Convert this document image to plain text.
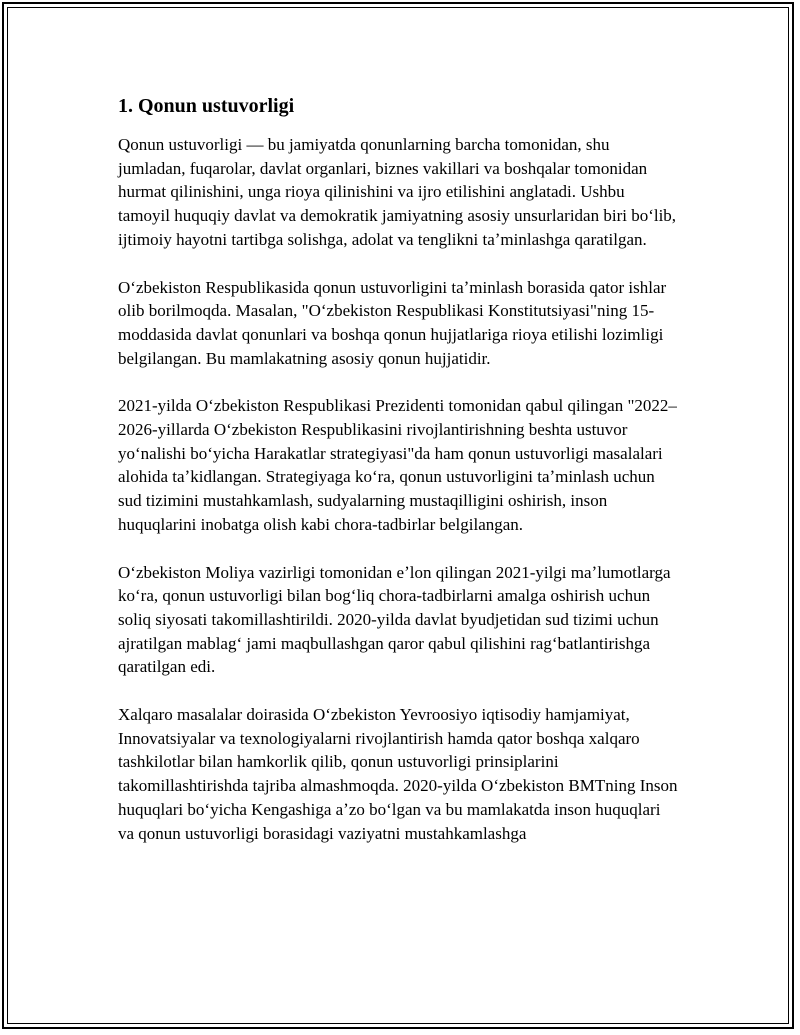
1. Qonun ustuvorligi

Qonun ustuvorligi — bu jamiyatda qonunlarning barcha tomonidan, shu jumladan, fuqarolar, davlat organlari, biznes vakillari va boshqalar tomonidan hurmat qilinishini, unga rioya qilinishini va ijro etilishini anglatadi. Ushbu tamoyil huquqiy davlat va demokratik jamiyatning asosiy unsurlaridan biri boʻlib, ijtimoiy hayotni tartibga solishga, adolat va tenglikni taʼminlashga qaratilgan.

Oʻzbekiston Respublikasida qonun ustuvorligini taʼminlash borasida qator ishlar olib borilmoqda. Masalan, "Oʻzbekiston Respublikasi Konstitutsiyasi"ning 15-moddasida davlat qonunlari va boshqa qonun hujjatlariga rioya etilishi lozimligi belgilangan. Bu mamlakatning asosiy qonun hujjatidir.

2021-yilda Oʻzbekiston Respublikasi Prezidenti tomonidan qabul qilingan "2022–2026-yillarda Oʻzbekiston Respublikasini rivojlantirishning beshta ustuvor yoʻnalishi boʻyicha Harakatlar strategiyasi"da ham qonun ustuvorligi masalalari alohida taʼkidlangan. Strategiyaga koʻra, qonun ustuvorligini taʼminlash uchun sud tizimini mustahkamlash, sudyalarning mustaqilligini oshirish, inson huquqlarini inobatga olish kabi chora-tadbirlar belgilangan.

Oʻzbekiston Moliya vazirligi tomonidan eʼlon qilingan 2021-yilgi maʼlumotlarga koʻra, qonun ustuvorligi bilan bogʻliq chora-tadbirlarni amalga oshirish uchun soliq siyosati takomillashtirildi. 2020-yilda davlat byudjetidan sud tizimi uchun ajratilgan mablagʻ jami maqbullashgan qaror qabul qilishini ragʻbatlantirishga qaratilgan edi.

Xalqaro masalalar doirasida Oʻzbekiston Yevroosiyo iqtisodiy hamjamiyat, Innovatsiyalar va texnologiyalarni rivojlantirish hamda qator boshqa xalqaro tashkilotlar bilan hamkorlik qilib, qonun ustuvorligi prinsiplarini takomillashtirishda tajriba almashmoqda. 2020-yilda Oʻzbekiston BMTning Inson huquqlari boʻyicha Kengashiga aʼzo boʻlgan va bu mamlakatda inson huquqlari va qonun ustuvorligi borasidagi vaziyatni mustahkamlashga
